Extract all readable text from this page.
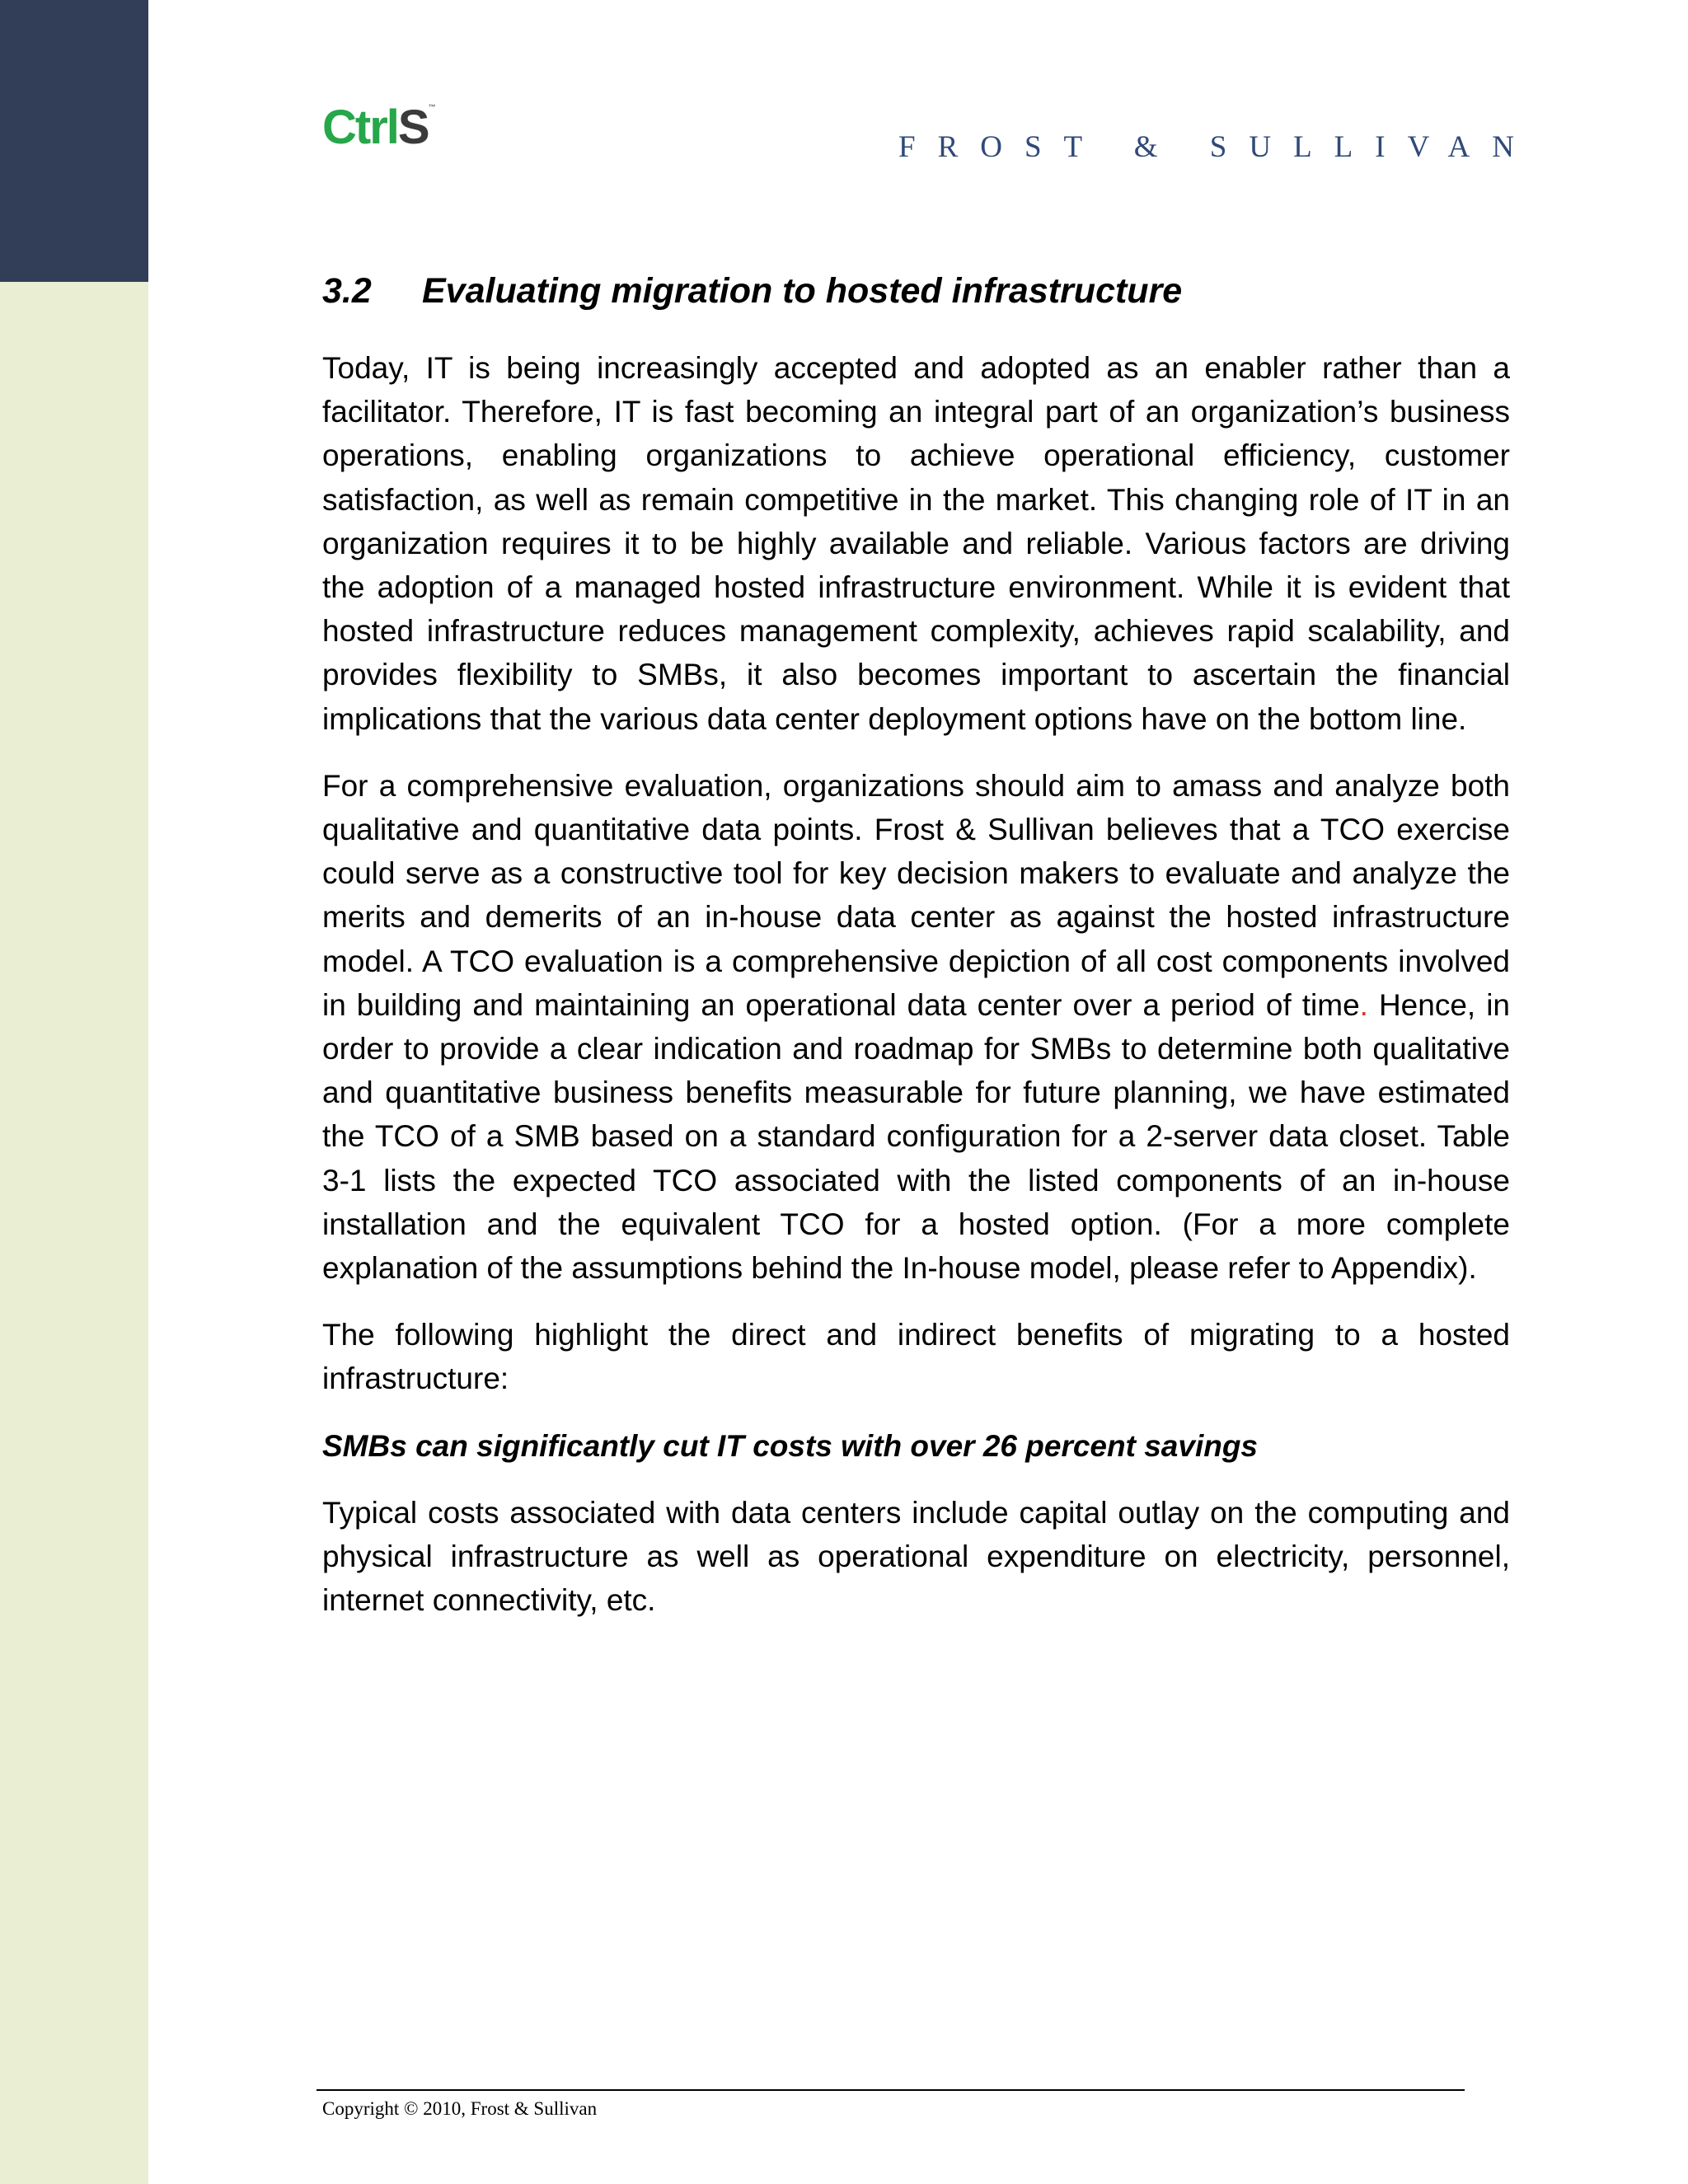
CtrlS™
FROST & SULLIVAN
3.2 Evaluating migration to hosted infrastructure

Today, IT is being increasingly accepted and adopted as an enabler rather than a facilitator. Therefore, IT is fast becoming an integral part of an organization’s business operations, enabling organizations to achieve operational efficiency, customer satisfaction, as well as remain competitive in the market. This changing role of IT in an organization requires it to be highly available and reliable. Various factors are driving the adoption of a managed hosted infrastructure environment. While it is evident that hosted infrastructure reduces management complexity, achieves rapid scalability, and provides flexibility to SMBs, it also becomes important to ascertain the financial implications that the various data center deployment options have on the bottom line.

For a comprehensive evaluation, organizations should aim to amass and analyze both qualitative and quantitative data points. Frost & Sullivan believes that a TCO exercise could serve as a constructive tool for key decision makers to evaluate and analyze the merits and demerits of an in-house data center as against the hosted infrastructure model. A TCO evaluation is a comprehensive depiction of all cost components involved in building and maintaining an operational data center over a period of time. Hence, in order to provide a clear indication and roadmap for SMBs to determine both qualitative and quantitative business benefits measurable for future planning, we have estimated the TCO of a SMB based on a standard configuration for a 2-server data closet. Table 3-1 lists the expected TCO associated with the listed components of an in-house installation and the equivalent TCO for a hosted option. (For a more complete explanation of the assumptions behind the In-house model, please refer to Appendix).

The following highlight the direct and indirect benefits of migrating to a hosted infrastructure:

SMBs can significantly cut IT costs with over 26 percent savings

Typical costs associated with data centers include capital outlay on the computing and physical infrastructure as well as operational expenditure on electricity, personnel, internet connectivity, etc.

Copyright © 2010, Frost & Sullivan
